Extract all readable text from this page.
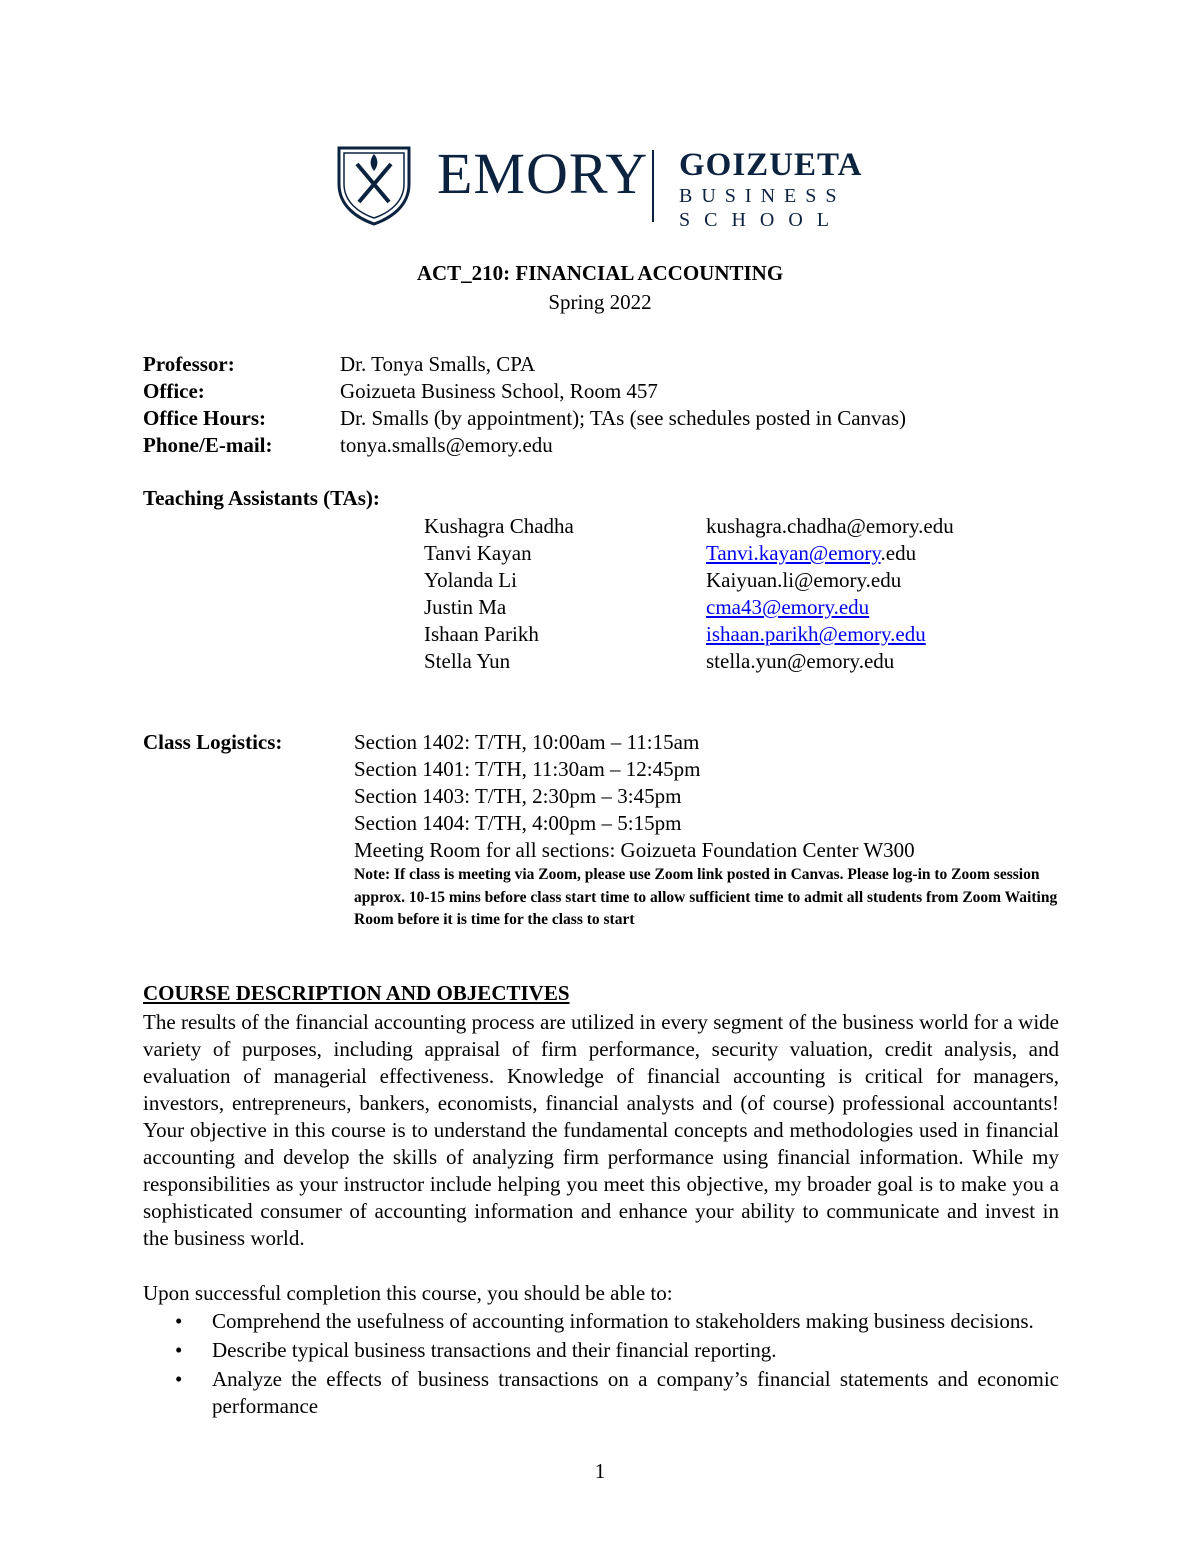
EMORY GOIZUETA
BUSINESS
SCHOOL
ACT_210: FINANCIAL ACCOUNTING
Spring 2022
Professor:	Dr. Tonya Smalls, CPA
Office:	Goizueta Business School, Room 457
Office Hours:	Dr. Smalls (by appointment); TAs (see schedules posted in Canvas)
Phone/E-mail:	tonya.smalls@emory.edu
Teaching Assistants (TAs):
Kushagra Chadha	kushagra.chadha@emory.edu
Tanvi Kayan	Tanvi.kayan@emory.edu
Yolanda Li	Kaiyuan.li@emory.edu
Justin Ma	cma43@emory.edu
Ishaan Parikh	ishaan.parikh@emory.edu
Stella Yun	stella.yun@emory.edu
Class Logistics:	Section 1402: T/TH, 10:00am – 11:15am
Section 1401: T/TH, 11:30am – 12:45pm
Section 1403: T/TH, 2:30pm – 3:45pm
Section 1404: T/TH, 4:00pm – 5:15pm
Meeting Room for all sections: Goizueta Foundation Center W300
Note: If class is meeting via Zoom, please use Zoom link posted in Canvas. Please log-in to Zoom session approx. 10-15 mins before class start time to allow sufficient time to admit all students from Zoom Waiting Room before it is time for the class to start
COURSE DESCRIPTION AND OBJECTIVES
The results of the financial accounting process are utilized in every segment of the business world for a wide variety of purposes, including appraisal of firm performance, security valuation, credit analysis, and evaluation of managerial effectiveness. Knowledge of financial accounting is critical for managers, investors, entrepreneurs, bankers, economists, financial analysts and (of course) professional accountants! Your objective in this course is to understand the fundamental concepts and methodologies used in financial accounting and develop the skills of analyzing firm performance using financial information. While my responsibilities as your instructor include helping you meet this objective, my broader goal is to make you a sophisticated consumer of accounting information and enhance your ability to communicate and invest in the business world.
Upon successful completion this course, you should be able to:
• Comprehend the usefulness of accounting information to stakeholders making business decisions.
• Describe typical business transactions and their financial reporting.
• Analyze the effects of business transactions on a company’s financial statements and economic performance
1
